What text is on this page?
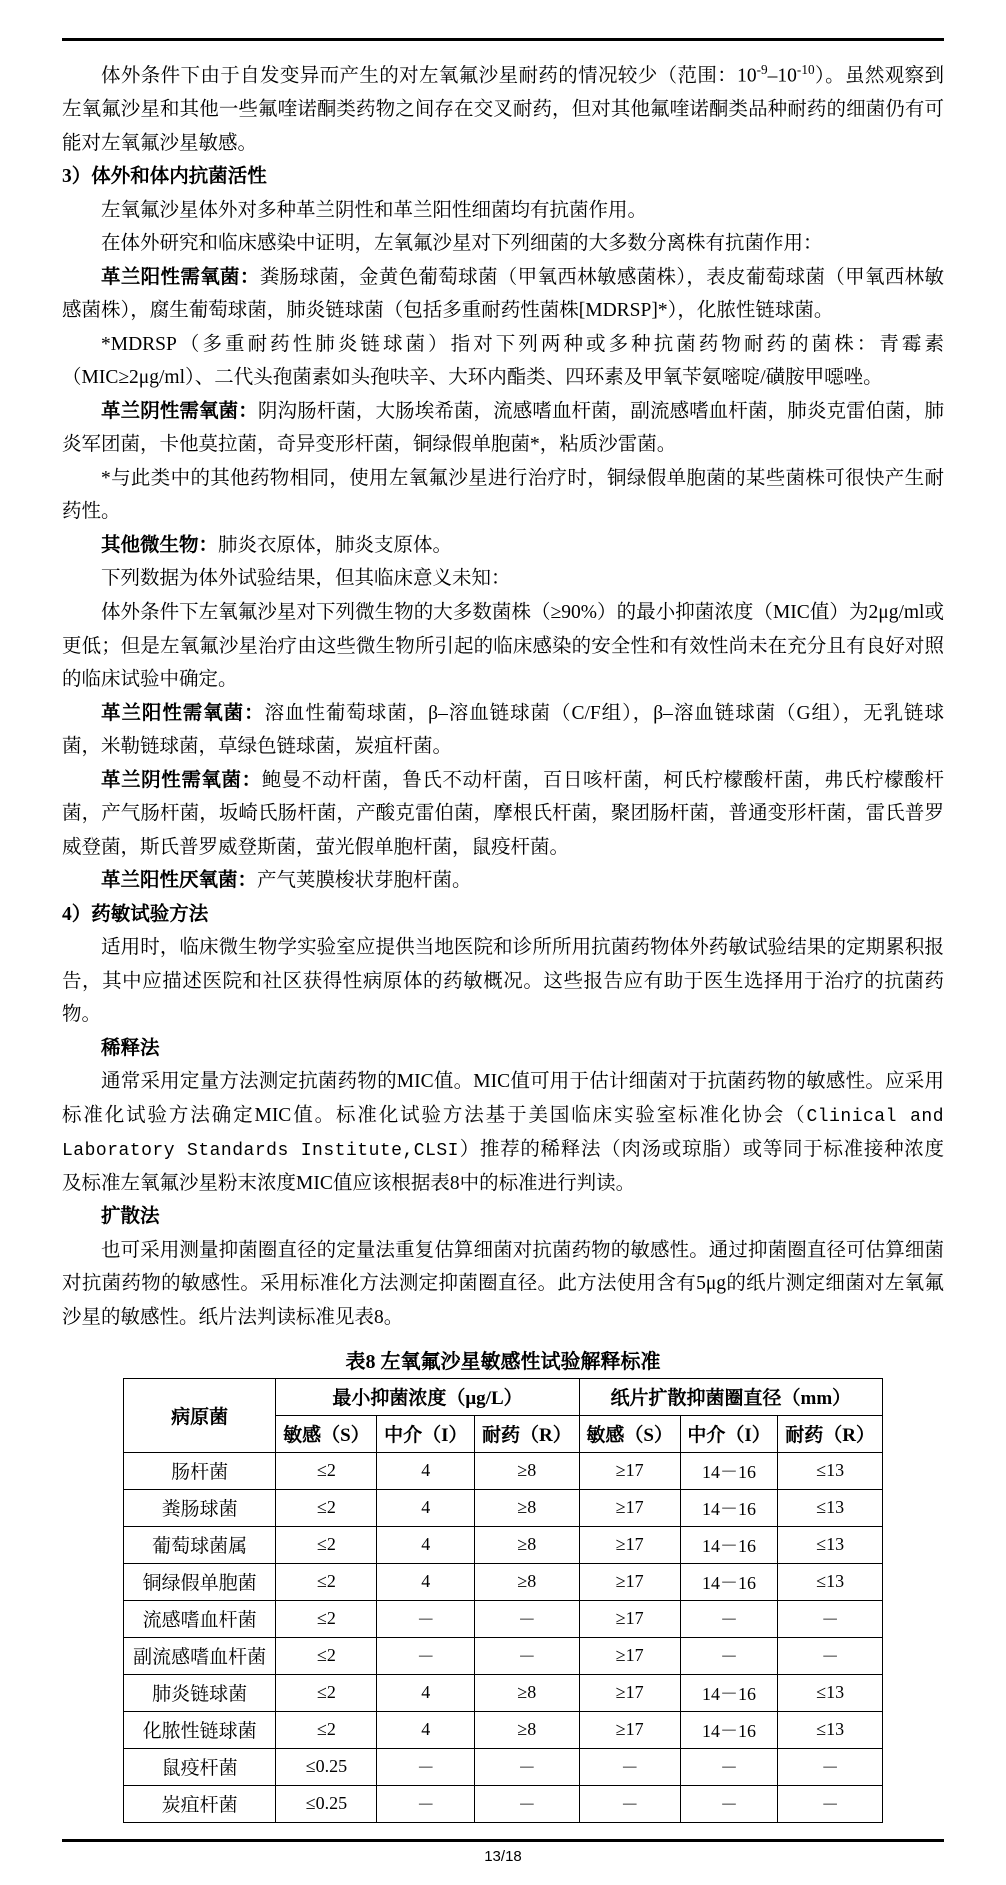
体外条件下由于自发变异而产生的对左氧氟沙星耐药的情况较少（范围：$10^{-9}-10^{-10}$）。虽然观察到左氧氟沙星和其他一些氟喹诺酮类药物之间存在交叉耐药，但对其他氟喹诺酮类品种耐药的细菌仍有可能对左氧氟沙星敏感。

3）体外和体内抗菌活性

左氧氟沙星体外对多种革兰阴性和革兰阳性细菌均有抗菌作用。

在体外研究和临床感染中证明，左氧氟沙星对下列细菌的大多数分离株有抗菌作用：

革兰阳性需氧菌：粪肠球菌，金黄色葡萄球菌（甲氧西林敏感菌株），表皮葡萄球菌（甲氧西林敏感菌株），腐生葡萄球菌，肺炎链球菌（包括多重耐药性菌株[MDRSP]*），化脓性链球菌。

*MDRSP（多重耐药性肺炎链球菌）指对下列两种或多种抗菌药物耐药的菌株：青霉素（MIC≥2μg/ml）、二代头孢菌素如头孢呋辛、大环内酯类、四环素及甲氧苄氨嘧啶/磺胺甲噁唑。

革兰阴性需氧菌：阴沟肠杆菌，大肠埃希菌，流感嗜血杆菌，副流感嗜血杆菌，肺炎克雷伯菌，肺炎军团菌，卡他莫拉菌，奇异变形杆菌，铜绿假单胞菌*，粘质沙雷菌。

*与此类中的其他药物相同，使用左氧氟沙星进行治疗时，铜绿假单胞菌的某些菌株可很快产生耐药性。

其他微生物：肺炎衣原体，肺炎支原体。

下列数据为体外试验结果，但其临床意义未知：

体外条件下左氧氟沙星对下列微生物的大多数菌株（≥90%）的最小抑菌浓度（MIC值）为2μg/ml或更低；但是左氧氟沙星治疗由这些微生物所引起的临床感染的安全性和有效性尚未在充分且有良好对照的临床试验中确定。

革兰阳性需氧菌：溶血性葡萄球菌，β–溶血链球菌（C/F组），β–溶血链球菌（G组），无乳链球菌，米勒链球菌，草绿色链球菌，炭疽杆菌。

革兰阴性需氧菌：鲍曼不动杆菌，鲁氏不动杆菌，百日咳杆菌，柯氏柠檬酸杆菌，弗氏柠檬酸杆菌，产气肠杆菌，坂崎氏肠杆菌，产酸克雷伯菌，摩根氏杆菌，聚团肠杆菌，普通变形杆菌，雷氏普罗威登菌，斯氏普罗威登斯菌，萤光假单胞杆菌，鼠疫杆菌。

革兰阳性厌氧菌：产气荚膜梭状芽胞杆菌。

4）药敏试验方法

适用时，临床微生物学实验室应提供当地医院和诊所所用抗菌药物体外药敏试验结果的定期累积报告，其中应描述医院和社区获得性病原体的药敏概况。这些报告应有助于医生选择用于治疗的抗菌药物。

稀释法

通常采用定量方法测定抗菌药物的MIC值。MIC值可用于估计细菌对于抗菌药物的敏感性。应采用标准化试验方法确定MIC值。标准化试验方法基于美国临床实验室标准化协会（Clinical and Laboratory Standards Institute,CLSI）推荐的稀释法（肉汤或琼脂）或等同于标准接种浓度及标准左氧氟沙星粉末浓度MIC值应该根据表8中的标准进行判读。

扩散法

也可采用测量抑菌圈直径的定量法重复估算细菌对抗菌药物的敏感性。通过抑菌圈直径可估算细菌对抗菌药物的敏感性。采用标准化方法测定抑菌圈直径。此方法使用含有5μg的纸片测定细菌对左氧氟沙星的敏感性。纸片法判读标准见表8。

表8 左氧氟沙星敏感性试验解释标准
病原菌	最小抑菌浓度（μg/L）			纸片扩散抑菌圈直径（mm）		
	敏感（S）	中介（I）	耐药（R）	敏感（S）	中介（I）	耐药（R）
肠杆菌	≤2	4	≥8	≥17	14－16	≤13
粪肠球菌	≤2	4	≥8	≥17	14－16	≤13
葡萄球菌属	≤2	4	≥8	≥17	14－16	≤13
铜绿假单胞菌	≤2	4	≥8	≥17	14－16	≤13
流感嗜血杆菌	≤2	－	－	≥17	－	－
副流感嗜血杆菌	≤2	－	－	≥17	－	－
肺炎链球菌	≤2	4	≥8	≥17	14－16	≤13
化脓性链球菌	≤2	4	≥8	≥17	14－16	≤13
鼠疫杆菌	≤0.25	－	－	－	－	－
炭疽杆菌	≤0.25	－	－	－	－	－
13/18
